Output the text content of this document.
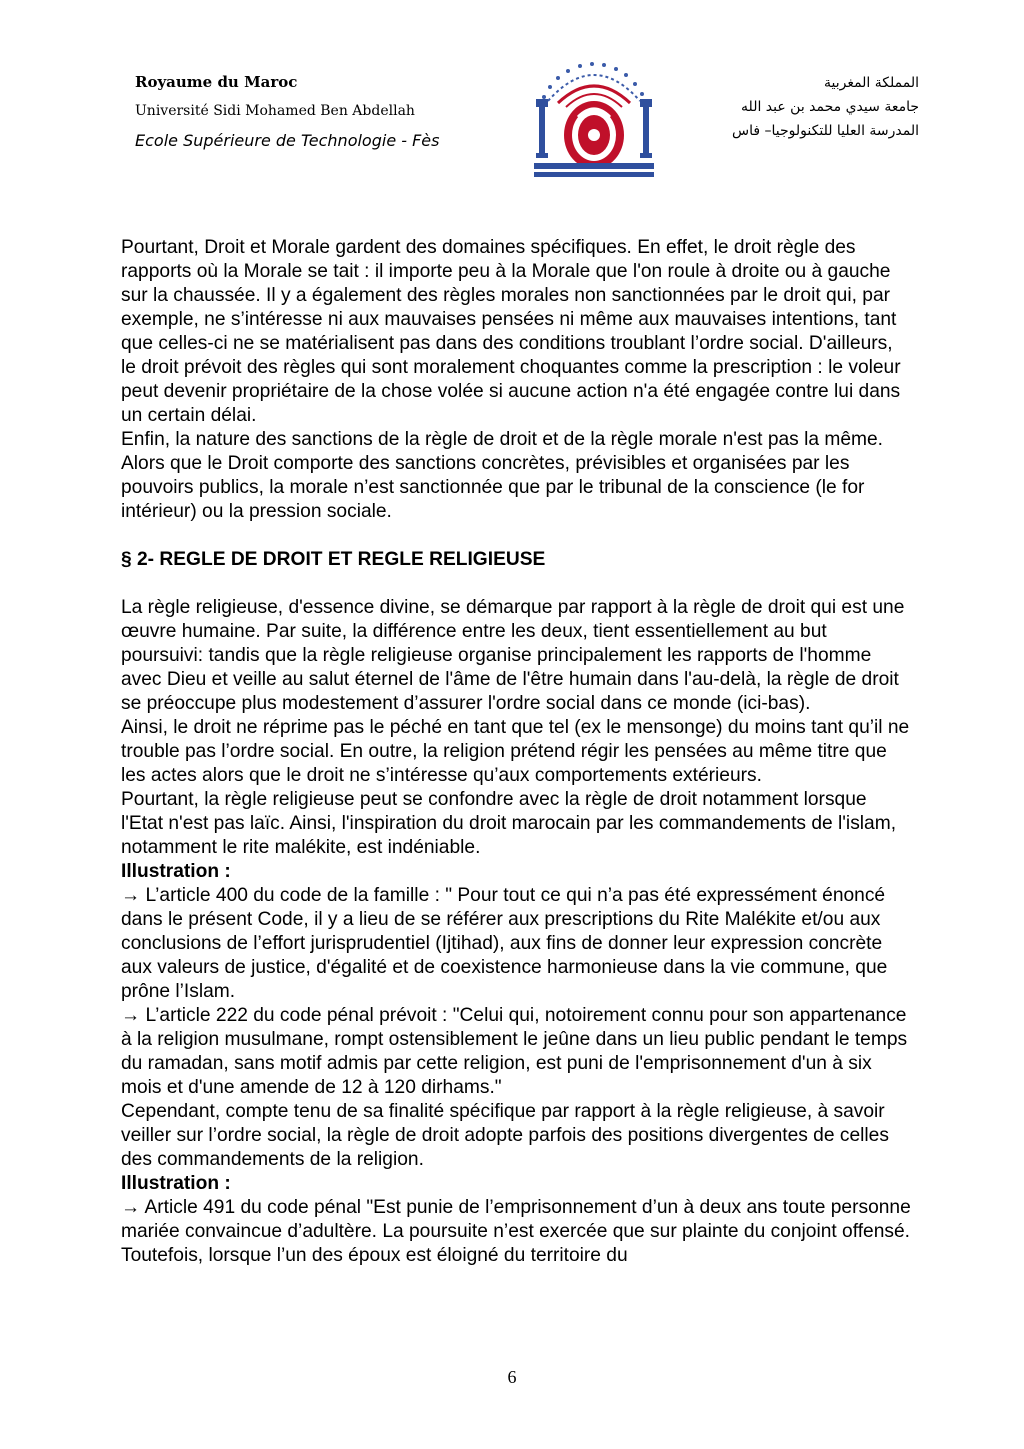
Royaume du Maroc
Université Sidi Mohamed Ben Abdellah
Ecole Supérieure de Technologie - Fès
المملكة المغربية
جامعة سيدي محمد بن عبد الله
المدرسة العليا للتكنولوجيا– فاس

Pourtant, Droit et Morale gardent des domaines spécifiques. En effet, le droit règle des rapports où la Morale se tait : il importe peu à la Morale que l'on roule à droite ou à gauche sur la chaussée. Il y a également des règles morales non sanctionnées par le droit qui, par exemple, ne s’intéresse ni aux mauvaises pensées ni même aux mauvaises intentions, tant que celles-ci ne se matérialisent pas dans des conditions troublant l’ordre social. D'ailleurs, le droit prévoit des règles qui sont moralement choquantes comme la prescription : le voleur peut devenir propriétaire de la chose volée si aucune action n'a été engagée contre lui dans un certain délai.

Enfin, la nature des sanctions de la règle de droit et de la règle morale n'est pas la même. Alors que le Droit comporte des sanctions concrètes, prévisibles et organisées par les pouvoirs publics, la morale n’est sanctionnée que par le tribunal de la conscience (le for intérieur) ou la pression sociale.

§ 2- REGLE DE DROIT ET REGLE RELIGIEUSE

La règle religieuse, d'essence divine, se démarque par rapport à la règle de droit qui est une œuvre humaine. Par suite, la différence entre les deux, tient essentiellement au but poursuivi: tandis que la règle religieuse organise principalement les rapports de l'homme avec Dieu et veille au salut éternel de l'âme de l'être humain dans l'au-delà, la règle de droit se préoccupe plus modestement d’assurer l'ordre social dans ce monde (ici-bas).

Ainsi, le droit ne réprime pas le péché en tant que tel (ex le mensonge) du moins tant qu’il ne trouble pas l’ordre social. En outre, la religion prétend régir les pensées au même titre que les actes alors que le droit ne s’intéresse qu’aux comportements extérieurs.

Pourtant, la règle religieuse peut se confondre avec la règle de droit notamment lorsque l'Etat n'est pas laïc. Ainsi, l'inspiration du droit marocain par les commandements de l'islam, notamment le rite malékite, est indéniable.

Illustration :

→ L’article 400 du code de la famille : " Pour tout ce qui n’a pas été expressément énoncé dans le présent Code, il y a lieu de se référer aux prescriptions du Rite Malékite et/ou aux conclusions de l’effort jurisprudentiel (Ijtihad), aux fins de donner leur expression concrète aux valeurs de justice, d'égalité et de coexistence harmonieuse dans la vie commune, que prône l’Islam.

→ L’article 222 du code pénal prévoit : "Celui qui, notoirement connu pour son appartenance à la religion musulmane, rompt ostensiblement le jeûne dans un lieu public pendant le temps du ramadan, sans motif admis par cette religion, est puni de l'emprisonnement d'un à six mois et d'une amende de 12 à 120 dirhams."

Cependant, compte tenu de sa finalité spécifique par rapport à la règle religieuse, à savoir veiller sur l’ordre social, la règle de droit adopte parfois des positions divergentes de celles des commandements de la religion.

Illustration :

→ Article 491 du code pénal "Est punie de l’emprisonnement d’un à deux ans toute personne mariée convaincue d’adultère. La poursuite n’est exercée que sur plainte du conjoint offensé. Toutefois, lorsque l’un des époux est éloigné du territoire du

6
